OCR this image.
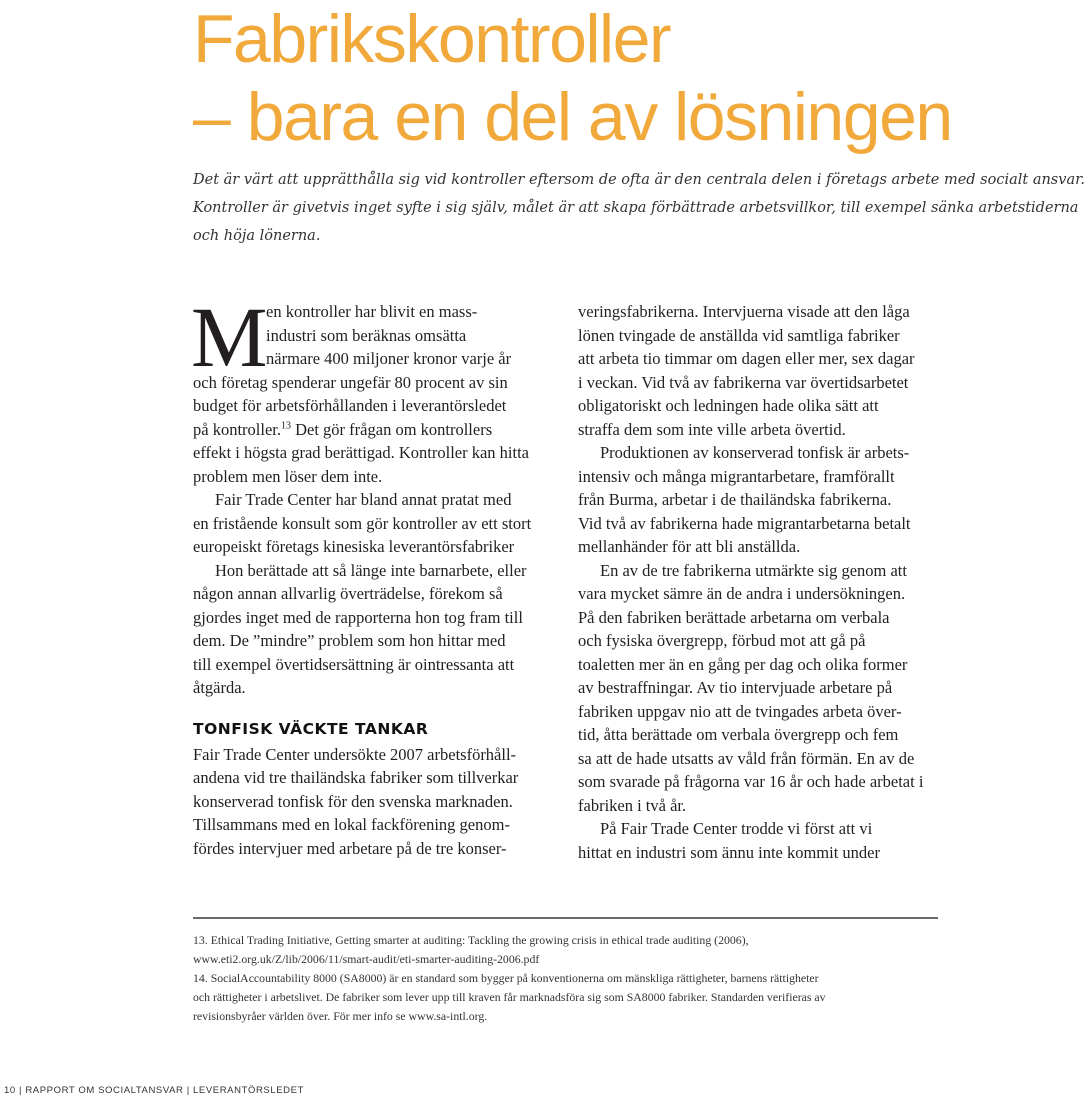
Fabrikskontroller
– bara en del av lösningen
Det är värt att upprätthålla sig vid kontroller eftersom de ofta är den centrala delen i företags arbete med socialt ansvar.
Kontroller är givetvis inget syfte i sig själv, målet är att skapa förbättrade arbetsvillkor, till exempel sänka arbetstiderna
och höja lönerna.
M
en kontroller har blivit en mass-
industri som beräknas omsätta
närmare 400 miljoner kronor varje år
och företag spenderar ungefär 80 procent av sin
budget för arbetsförhållanden i leverantörsledet
på kontroller.$^{13}$ Det gör frågan om kontrollers
effekt i högsta grad berättigad. Kontroller kan hitta
problem men löser dem inte.
Fair Trade Center har bland annat pratat med
en fristående konsult som gör kontroller av ett stort
europeiskt företags kinesiska leverantörsfabriker
Hon berättade att så länge inte barnarbete, eller
någon annan allvarlig överträdelse, förekom så
gjordes inget med de rapporterna hon tog fram till
dem. De ”mindre” problem som hon hittar med
till exempel övertidsersättning är ointressanta att
åtgärda.
TONFISK VÄCKTE TANKAR
Fair Trade Center undersökte 2007 arbetsförhåll-
andena vid tre thailändska fabriker som tillverkar
konserverad tonfisk för den svenska marknaden.
Tillsammans med en lokal fackförening genom-
fördes intervjuer med arbetare på de tre konser-
veringsfabrikerna. Intervjuerna visade att den låga
lönen tvingade de anställda vid samtliga fabriker
att arbeta tio timmar om dagen eller mer, sex dagar
i veckan. Vid två av fabrikerna var övertidsarbetet
obligatoriskt och ledningen hade olika sätt att
straffa dem som inte ville arbeta övertid.
Produktionen av konserverad tonfisk är arbets-
intensiv och många migrantarbetare, framförallt
från Burma, arbetar i de thailändska fabrikerna.
Vid två av fabrikerna hade migrantarbetarna betalt
mellanhänder för att bli anställda.
En av de tre fabrikerna utmärkte sig genom att
vara mycket sämre än de andra i undersökningen.
På den fabriken berättade arbetarna om verbala
och fysiska övergrepp, förbud mot att gå på
toaletten mer än en gång per dag och olika former
av bestraffningar. Av tio intervjuade arbetare på
fabriken uppgav nio att de tvingades arbeta över-
tid, åtta berättade om verbala övergrepp och fem
sa att de hade utsatts av våld från förmän. En av de
som svarade på frågorna var 16 år och hade arbetat i
fabriken i två år.
På Fair Trade Center trodde vi först att vi
hittat en industri som ännu inte kommit under
13. Ethical Trading Initiative, Getting smarter at auditing: Tackling the growing crisis in ethical trade auditing (2006),
www.eti2.org.uk/Z/lib/2006/11/smart-audit/eti-smarter-auditing-2006.pdf
14. SocialAccountability 8000 (SA8000) är en standard som bygger på konventionerna om mänskliga rättigheter, barnens rättigheter
och rättigheter i arbetslivet. De fabriker som lever upp till kraven får marknadsföra sig som SA8000 fabriker. Standarden verifieras av
revisionsbyråer världen över. För mer info se www.sa-intl.org.
10 | RAPPORT OM SOCIALTANSVAR | LEVERANTÖRSLEDET
